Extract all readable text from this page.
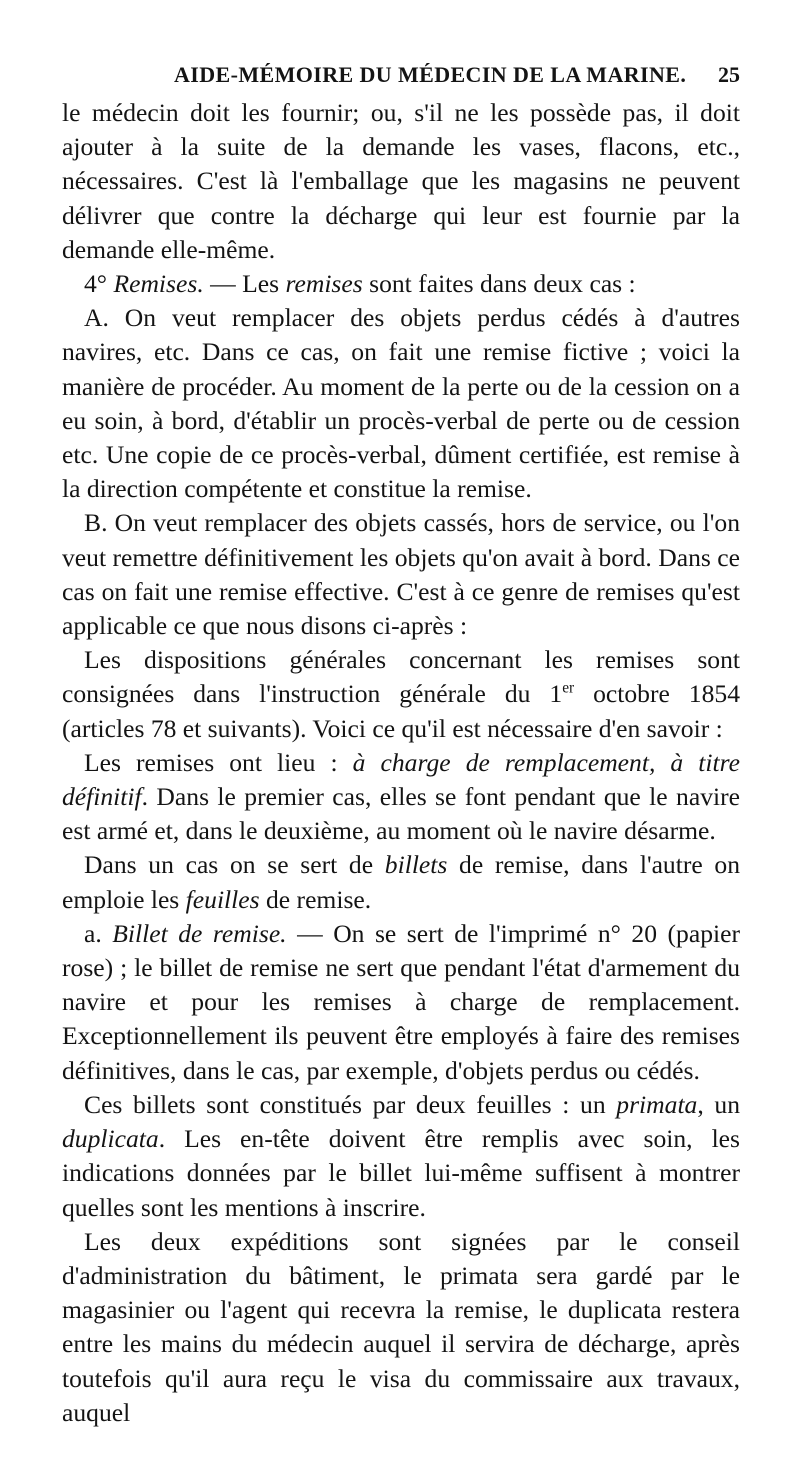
AIDE-MÉMOIRE DU MÉDECIN DE LA MARINE. 25

le médecin doit les fournir; ou, s'il ne les possède pas, il doit ajouter à la suite de la demande les vases, flacons, etc., nécessaires. C'est là l'emballage que les magasins ne peuvent délivrer que contre la décharge qui leur est fournie par la demande elle-même.

4° Remises. — Les remises sont faites dans deux cas :

A. On veut remplacer des objets perdus cédés à d'autres navires, etc. Dans ce cas, on fait une remise fictive ; voici la manière de procéder. Au moment de la perte ou de la cession on a eu soin, à bord, d'établir un procès-verbal de perte ou de cession etc. Une copie de ce procès-verbal, dûment certifiée, est remise à la direction compétente et constitue la remise.

B. On veut remplacer des objets cassés, hors de service, ou l'on veut remettre définitivement les objets qu'on avait à bord. Dans ce cas on fait une remise effective. C'est à ce genre de remises qu'est applicable ce que nous disons ci-après :

Les dispositions générales concernant les remises sont consignées dans l'instruction générale du 1er octobre 1854 (articles 78 et suivants). Voici ce qu'il est nécessaire d'en savoir :

Les remises ont lieu : à charge de remplacement, à titre définitif. Dans le premier cas, elles se font pendant que le navire est armé et, dans le deuxième, au moment où le navire désarme.

Dans un cas on se sert de billets de remise, dans l'autre on emploie les feuilles de remise.

a. Billet de remise. — On se sert de l'imprimé n° 20 (papier rose) ; le billet de remise ne sert que pendant l'état d'armement du navire et pour les remises à charge de remplacement. Exceptionnellement ils peuvent être employés à faire des remises définitives, dans le cas, par exemple, d'objets perdus ou cédés.

Ces billets sont constitués par deux feuilles : un primata, un duplicata. Les en-tête doivent être remplis avec soin, les indications données par le billet lui-même suffisent à montrer quelles sont les mentions à inscrire.

Les deux expéditions sont signées par le conseil d'administration du bâtiment, le primata sera gardé par le magasinier ou l'agent qui recevra la remise, le duplicata restera entre les mains du médecin auquel il servira de décharge, après toutefois qu'il aura reçu le visa du commissaire aux travaux, auquel
